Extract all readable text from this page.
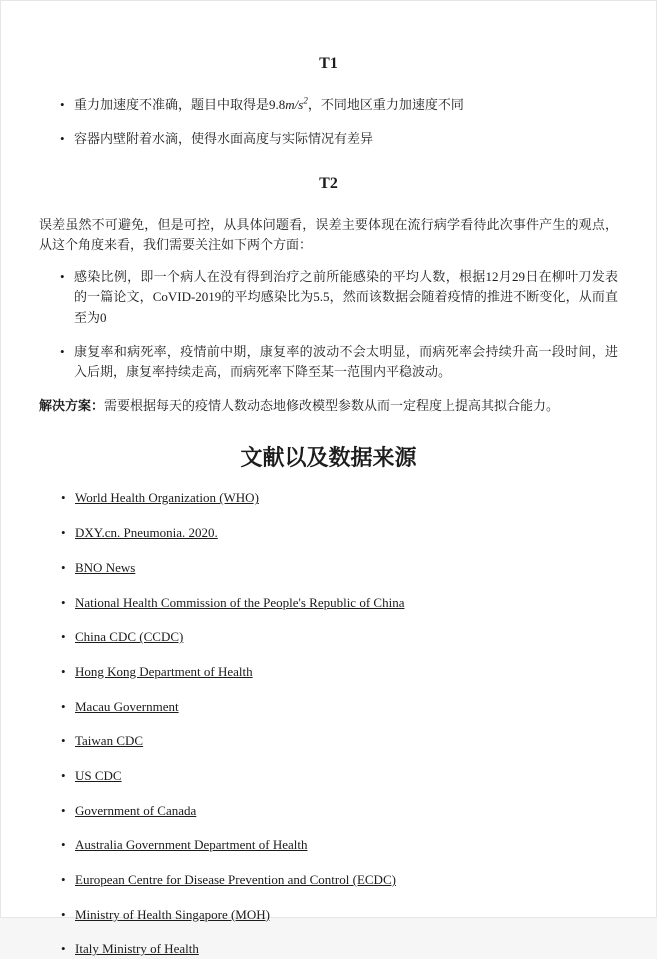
T1
• 重力加速度不准确，题目中取得是$9.8m/s^2$，不同地区重力加速度不同
• 容器内壁附着水滴，使得水面高度与实际情况有差异
T2

误差虽然不可避免，但是可控，从具体问题看，误差主要体现在流行病学看待此次事件产生的观点，从这个角度来看，我们需要关注如下两个方面：

• 感染比例，即一个病人在没有得到治疗之前所能感染的平均人数，根据12月29日在柳叶刀发表的一篇论文，CoVID-2019的平均感染比为5.5，然而该数据会随着疫情的推进不断变化，从而直至为0
• 康复率和病死率，疫情前中期，康复率的波动不会太明显，而病死率会持续升高一段时间，进入后期，康复率持续走高，而病死率下降至某一范围内平稳波动。

解决方案：需要根据每天的疫情人数动态地修改模型参数从而一定程度上提高其拟合能力。

文献以及数据来源
• World Health Organization (WHO)
• DXY.cn. Pneumonia. 2020.
• BNO News
• National Health Commission of the People's Republic of China
• China CDC (CCDC)
• Hong Kong Department of Health
• Macau Government
• Taiwan CDC
• US CDC
• Government of Canada
• Australia Government Department of Health
• European Centre for Disease Prevention and Control (ECDC)
• Ministry of Health Singapore (MOH)
• Italy Ministry of Health
